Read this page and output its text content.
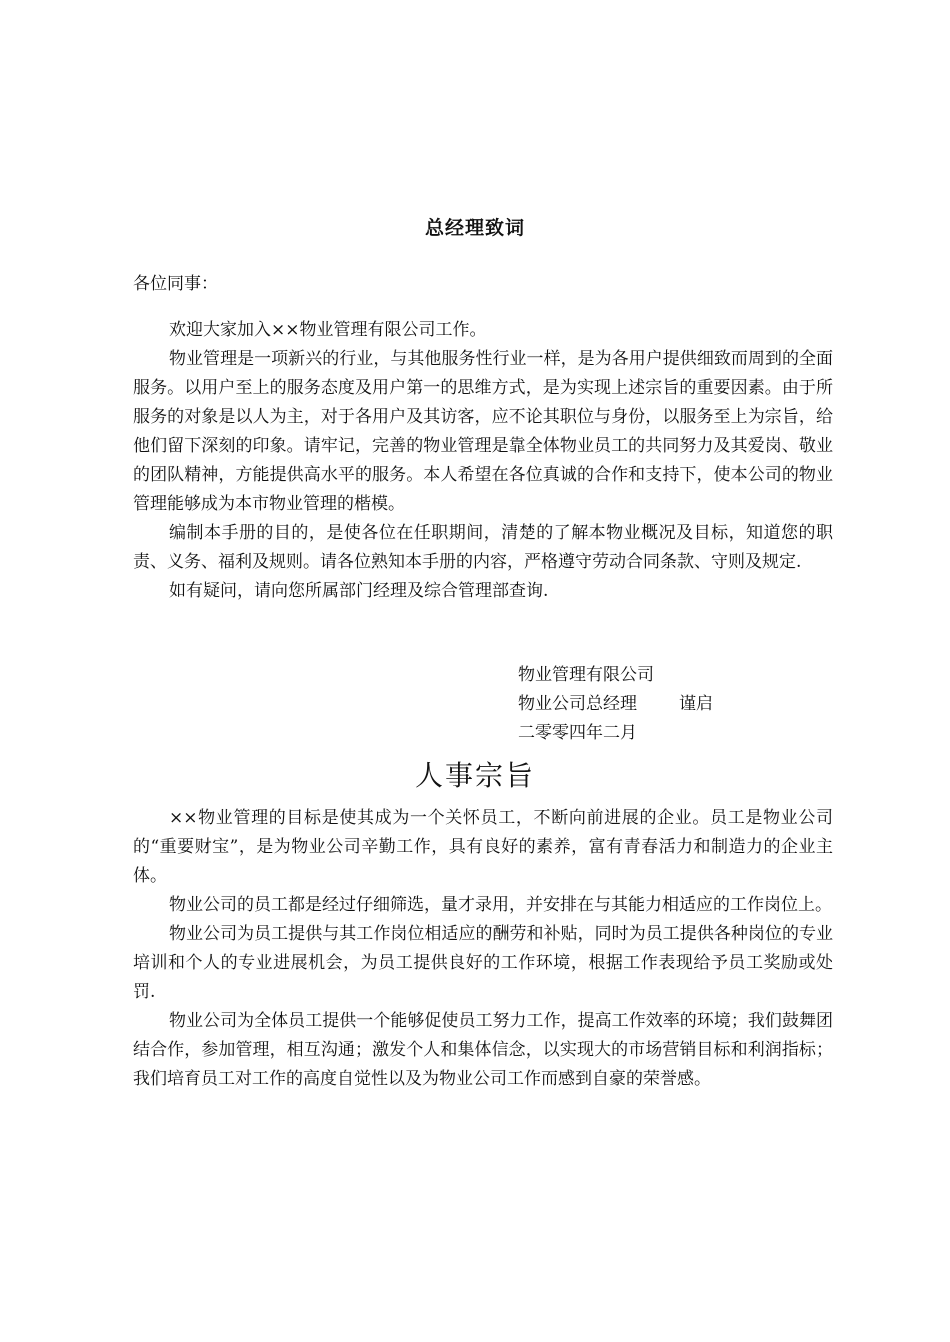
总经理致词
各位同事：

欢迎大家加入××物业管理有限公司工作。

物业管理是一项新兴的行业，与其他服务性行业一样，是为各用户提供细致而周到的全面服务。以用户至上的服务态度及用户第一的思维方式，是为实现上述宗旨的重要因素。由于所服务的对象是以人为主，对于各用户及其访客，应不论其职位与身份，以服务至上为宗旨，给他们留下深刻的印象。请牢记，完善的物业管理是靠全体物业员工的共同努力及其爱岗、敬业的团队精神，方能提供高水平的服务。本人希望在各位真诚的合作和支持下，使本公司的物业管理能够成为本市物业管理的楷模。

编制本手册的目的，是使各位在任职期间，清楚的了解本物业概况及目标，知道您的职责、义务、福利及规则。请各位熟知本手册的内容，严格遵守劳动合同条款、守则及规定.

如有疑问，请向您所属部门经理及综合管理部查询.

物业管理有限公司
物业公司总经理 谨启
二零零四年二月
人事宗旨

××物业管理的目标是使其成为一个关怀员工，不断向前进展的企业。员工是物业公司的“重要财宝”，是为物业公司辛勤工作，具有良好的素养，富有青春活力和制造力的企业主体。

物业公司的员工都是经过仔细筛选，量才录用，并安排在与其能力相适应的工作岗位上。

物业公司为员工提供与其工作岗位相适应的酬劳和补贴，同时为员工提供各种岗位的专业培训和个人的专业进展机会，为员工提供良好的工作环境，根据工作表现给予员工奖励或处罚.

物业公司为全体员工提供一个能够促使员工努力工作，提高工作效率的环境；我们鼓舞团结合作，参加管理，相互沟通；激发个人和集体信念，以实现大的市场营销目标和利润指标；我们培育员工对工作的高度自觉性以及为物业公司工作而感到自豪的荣誉感。
